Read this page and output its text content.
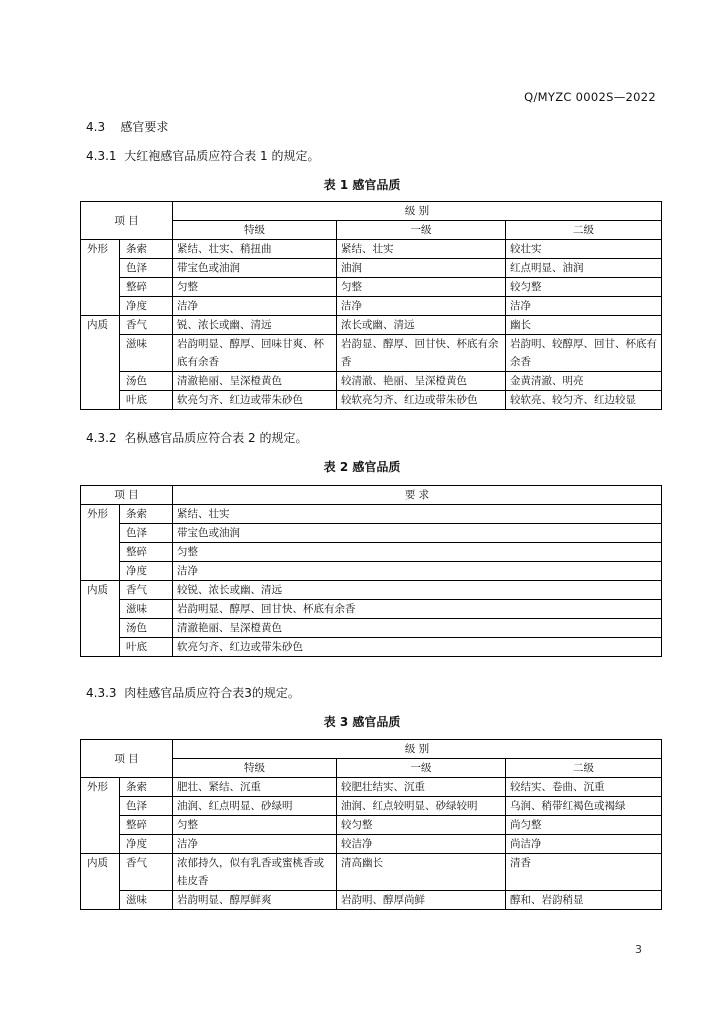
Q/MYZC 0002S—2022
4.3 感官要求
4.3.1 大红袍感官品质应符合表 1 的规定。
表 1 感官品质
项 目		级 别		
		特级	一级	二级
外形	条索	紧结、壮实、稍扭曲	紧结、壮实	较壮实
	色泽	带宝色或油润	油润	红点明显、油润
	整碎	匀整	匀整	较匀整
	净度	洁净	洁净	洁净
内质	香气	锐、浓长或幽、清远	浓长或幽、清远	幽长
	滋味	岩韵明显、醇厚、回味甘爽、杯底有余香	岩韵显、醇厚、回甘快、杯底有余香	岩韵明、较醇厚、回甘、杯底有余香
	汤色	清澈艳丽、呈深橙黄色	较清澈、艳丽、呈深橙黄色	金黄清澈、明亮
	叶底	软亮匀齐、红边或带朱砂色	较软亮匀齐、红边或带朱砂色	较软亮、较匀齐、红边较显
4.3.2 名枞感官品质应符合表 2 的规定。
表 2 感官品质
项 目		要 求
外形	条索	紧结、壮实
	色泽	带宝色或油润
	整碎	匀整
	净度	洁净
内质	香气	较锐、浓长或幽、清远
	滋味	岩韵明显、醇厚、回甘快、杯底有余香
	汤色	清澈艳丽、呈深橙黄色
	叶底	软亮匀齐、红边或带朱砂色
4.3.3 肉桂感官品质应符合表3的规定。
表 3 感官品质
项 目		级 别		
		特级	一级	二级
外形	条索	肥壮、紧结、沉重	较肥壮结实、沉重	较结实、卷曲、沉重
	色泽	油润、红点明显、砂绿明	油润、红点较明显、砂绿较明	乌润、稍带红褐色或褐绿
	整碎	匀整	较匀整	尚匀整
	净度	洁净	较洁净	尚洁净
内质	香气	浓郁持久，似有乳香或蜜桃香或桂皮香	清高幽长	清香
	滋味	岩韵明显、醇厚鲜爽	岩韵明、醇厚尚鲜	醇和、岩韵稍显
3
